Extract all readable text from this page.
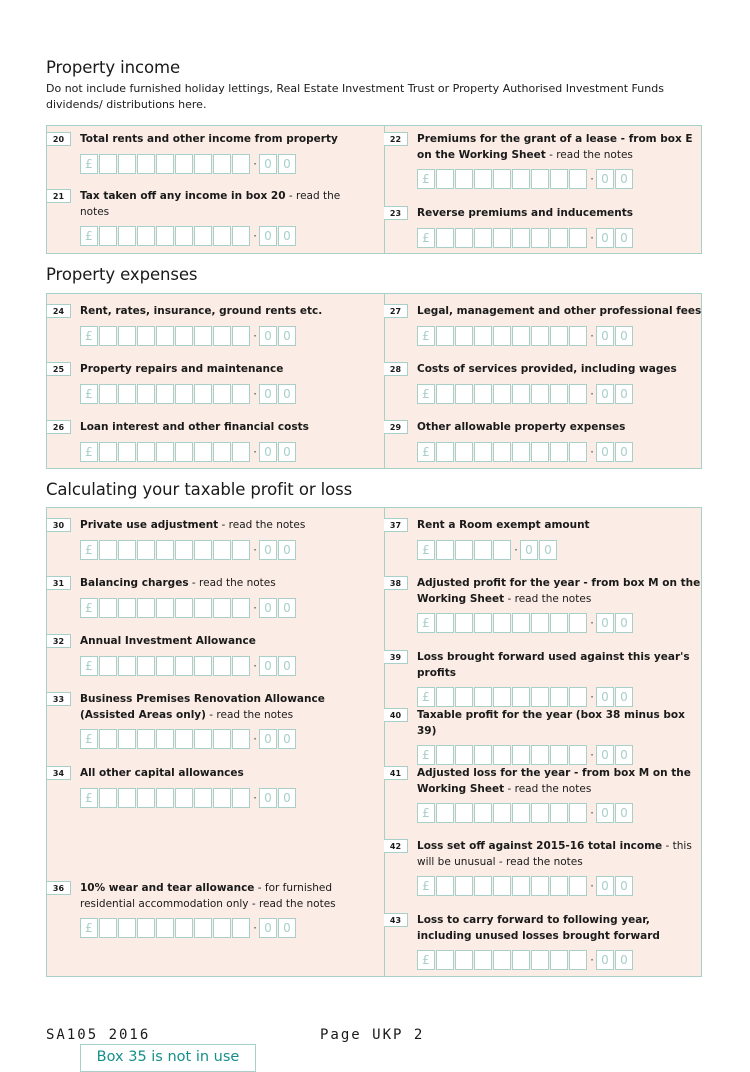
Property income
Do not include furnished holiday lettings, Real Estate Investment Trust or Property Authorised Investment Funds dividends/ distributions here.
20	Total rents and other income from property
£	· 0 0
21	Tax taken off any income in box 20 - read the notes
£	· 0 0
22	Premiums for the grant of a lease - from box E on the Working Sheet - read the notes
£	· 0 0
23	Reverse premiums and inducements
£	· 0 0
Property expenses
24	Rent, rates, insurance, ground rents etc.
£	· 0 0
25	Property repairs and maintenance
£	· 0 0
26	Loan interest and other financial costs
£	· 0 0
27	Legal, management and other professional fees
£	· 0 0
28	Costs of services provided, including wages
£	· 0 0
29	Other allowable property expenses
£	· 0 0
Calculating your taxable profit or loss
30	Private use adjustment - read the notes
£	· 0 0
31	Balancing charges - read the notes
£	· 0 0
32	Annual Investment Allowance
£	· 0 0
33	Business Premises Renovation Allowance (Assisted Areas only) - read the notes
£	· 0 0
34	All other capital allowances
£	· 0 0
Box 35 is not in use
36	10% wear and tear allowance - for furnished residential accommodation only - read the notes
£	· 0 0
37	Rent a Room exempt amount
£	· 0 0
38	Adjusted profit for the year - from box M on the Working Sheet - read the notes
£	· 0 0
39	Loss brought forward used against this year's profits
£	· 0 0
40	Taxable profit for the year (box 38 minus box 39)
£	· 0 0
41	Adjusted loss for the year - from box M on the Working Sheet - read the notes
£	· 0 0
42	Loss set off against 2015-16 total income - this will be unusual - read the notes
£	· 0 0
43	Loss to carry forward to following year, including unused losses brought forward
£	· 0 0
SA105 2016	Page UKP 2
